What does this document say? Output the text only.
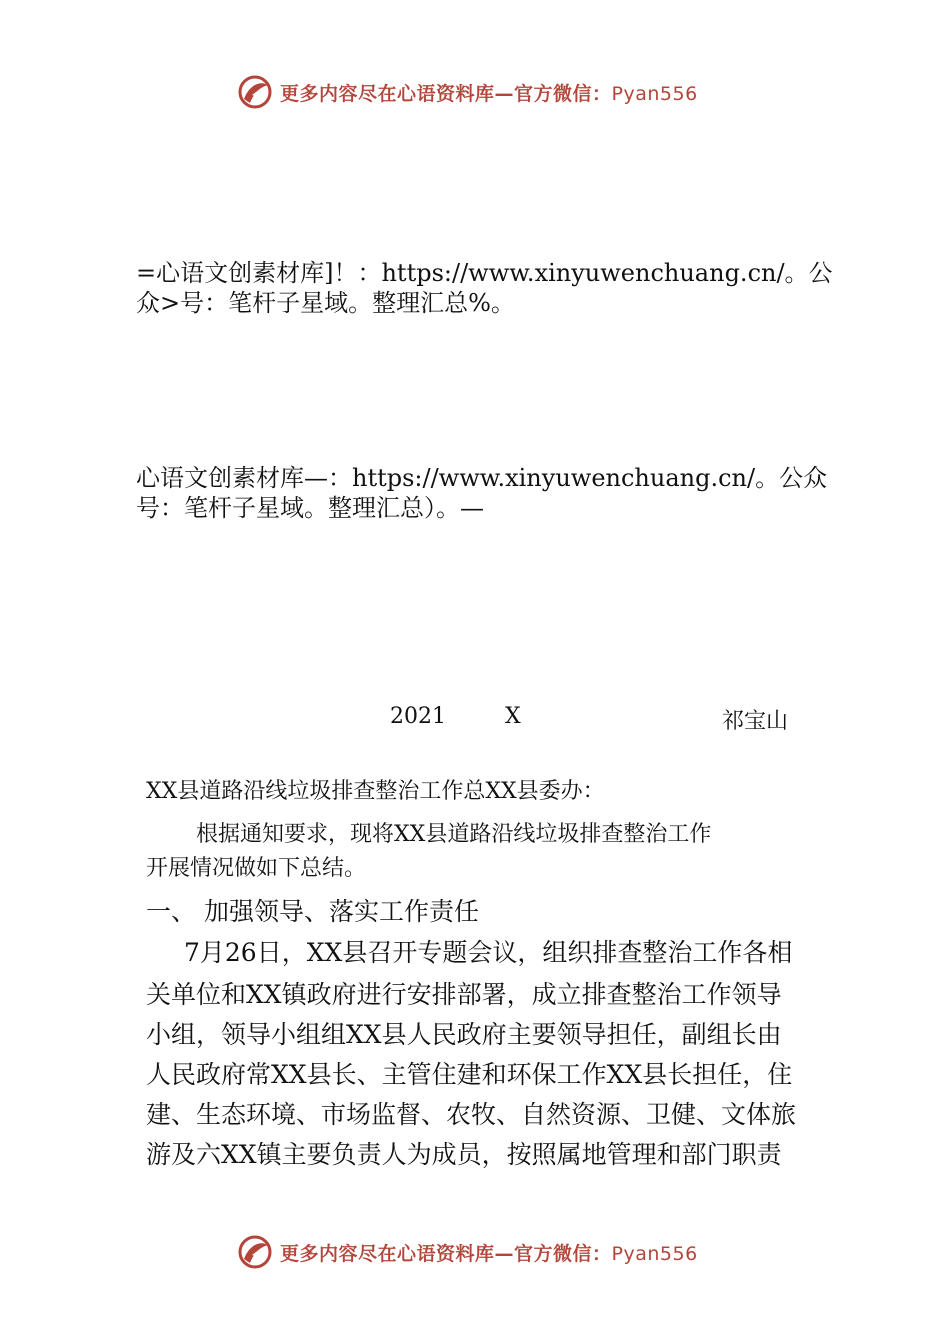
更多内容尽在心语资料库—官方微信：Pyan556

=心语文创素材库]！：https://www.xinyuwenchuang.cn/。公
众>号：笔杆子星域。整理汇总%。

心语文创素材库—：https://www.xinyuwenchuang.cn/。公众
号：笔杆子星域。整理汇总）。—

2021	X	祁宝山

XX县道路沿线垃圾排查整治工作总XX县委办：

根据通知要求，现将XX县道路沿线垃圾排查整治工作

开展情况做如下总结。

一、 加强领导、落实工作责任

7月26日，XX县召开专题会议，组织排查整治工作各相

关单位和XX镇政府进行安排部署，成立排查整治工作领导

小组，领导小组组XX县人民政府主要领导担任，副组长由

人民政府常XX县长、主管住建和环保工作XX县长担任，住

建、生态环境、市场监督、农牧、自然资源、卫健、文体旅

游及六XX镇主要负责人为成员，按照属地管理和部门职责

更多内容尽在心语资料库—官方微信：Pyan556
